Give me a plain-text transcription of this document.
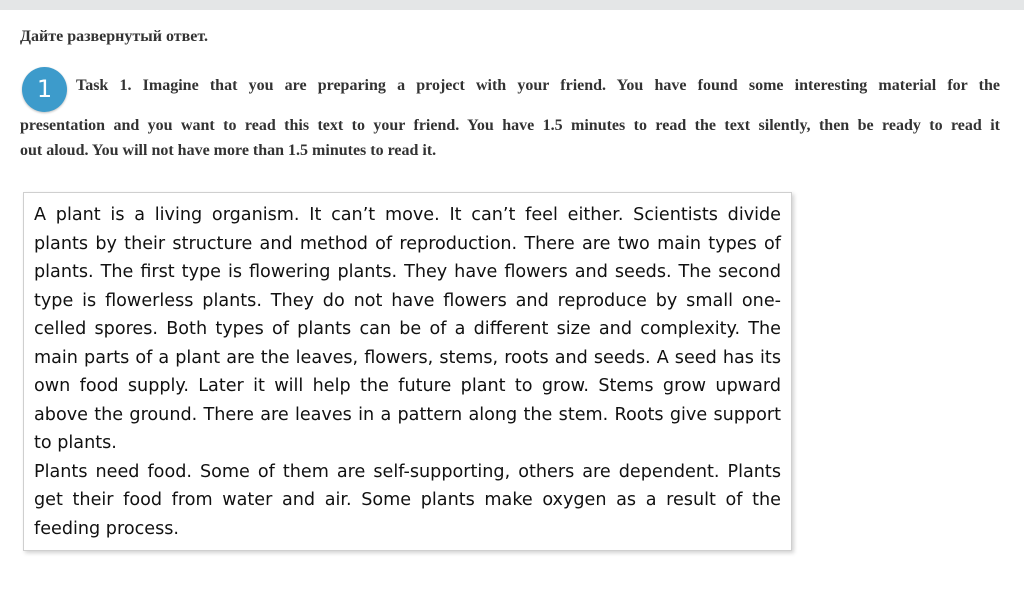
Дайте развернутый ответ.
1	Task 1. Imagine that you are preparing a project with your friend. You have found some interesting material for the
presentation and you want to read this text to your friend. You have 1.5 minutes to read the text silently, then be ready to read it
out aloud. You will not have more than 1.5 minutes to read it.

A plant is a living organism. It can’t move. It can’t feel either. Scientists divide plants by their structure and method of reproduction. There are two main types of plants. The first type is flowering plants. They have flowers and seeds. The second type is flowerless plants. They do not have flowers and reproduce by small one-celled spores. Both types of plants can be of a different size and complexity. The main parts of a plant are the leaves, flowers, stems, roots and seeds. A seed has its own food supply. Later it will help the future plant to grow. Stems grow upward above the ground. There are leaves in a pattern along the stem. Roots give support to plants.

Plants need food. Some of them are self-supporting, others are dependent. Plants get their food from water and air. Some plants make oxygen as a result of the feeding process.
